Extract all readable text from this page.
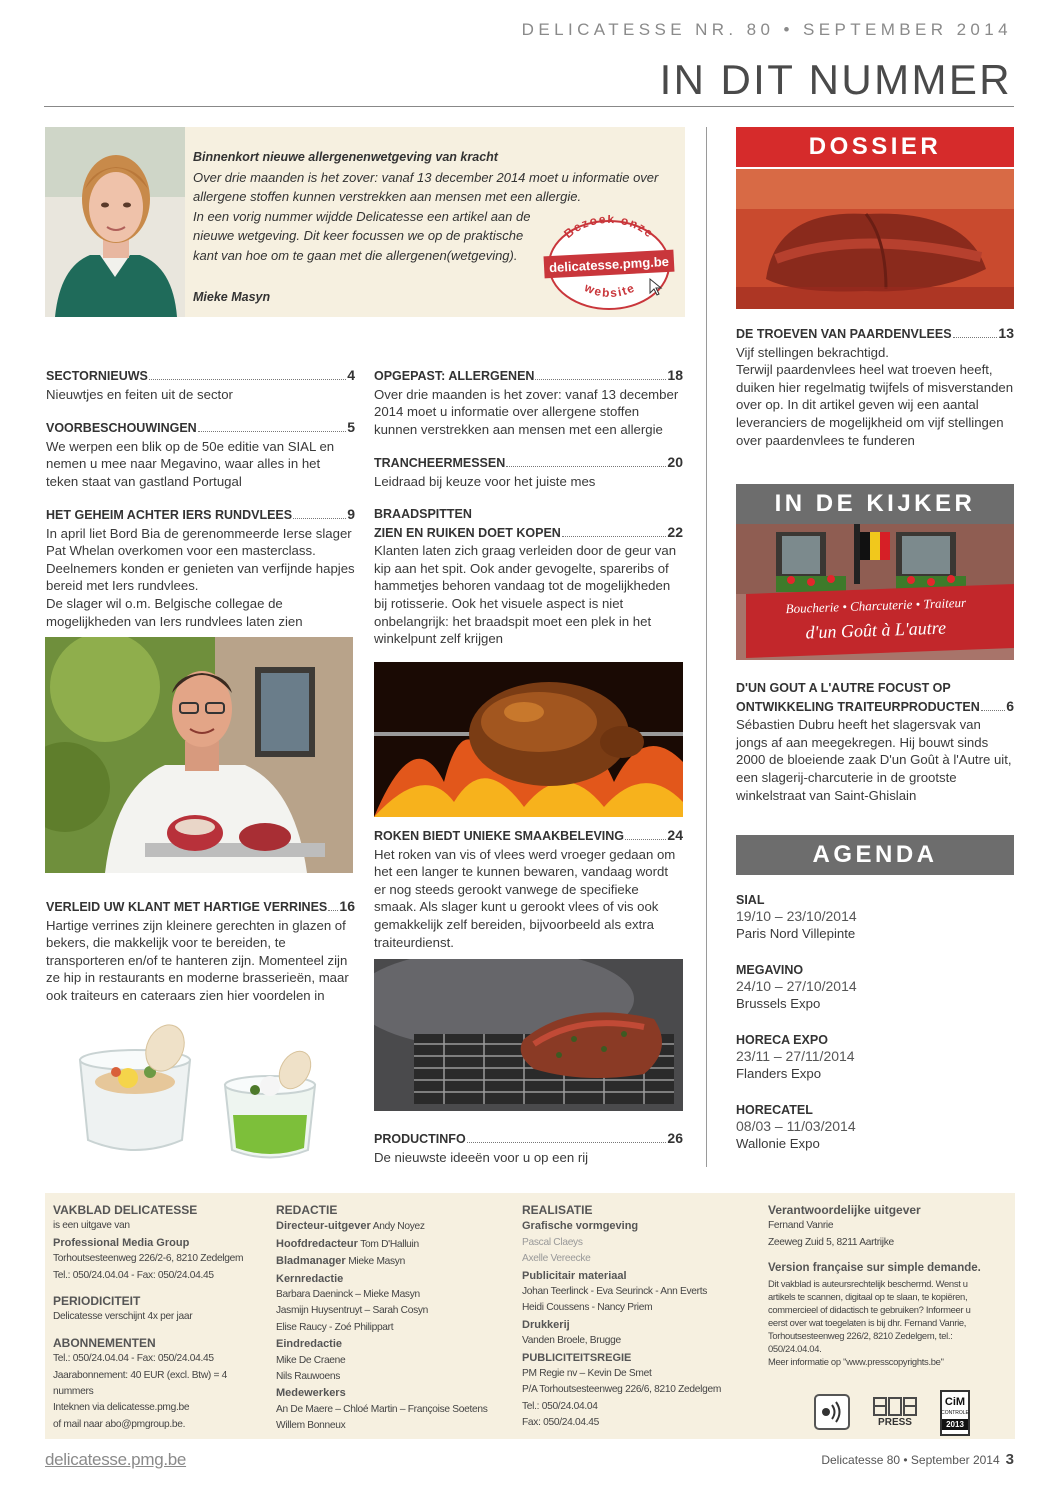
DELICATESSE NR. 80 • SEPTEMBER 2014
IN DIT NUMMER
Binnenkort nieuwe allergenenwetgeving van kracht
Over drie maanden is het zover: vanaf 13 december 2014 moet u informatie over allergene stoffen kunnen verstrekken aan mensen met een allergie.
In een vorig nummer wijdde Delicatesse een artikel aan de nieuwe wetgeving. Dit keer focussen we op de praktische kant van hoe om te gaan met die allergenen(wetgeving).
Mieke Masyn
Bezoek onze
delicatesse.pmg.be
website
SECTORNIEUWS	4
Nieuwtjes en feiten uit de sector
VOORBESCHOUWINGEN	5
We werpen een blik op de 50e editie van SIAL en nemen u mee naar Megavino, waar alles in het teken staat van gastland Portugal
HET GEHEIM ACHTER IERS RUNDVLEES	9
In april liet Bord Bia de gerenommeerde Ierse slager Pat Whelan overkomen voor een masterclass. Deelnemers konden er genieten van verfijnde hapjes bereid met Iers rundvlees.
De slager wil o.m. Belgische collegae de mogelijkheden van Iers rundvlees laten zien
VERLEID UW KLANT MET HARTIGE VERRINES 16
Hartige verrines zijn kleinere gerechten in glazen of bekers, die makkelijk voor te bereiden, te transporteren en/of te hanteren zijn. Momenteel zijn ze hip in restaurants en moderne brasserieën, maar ook traiteurs en cateraars zien hier voordelen in
OPGEPAST: ALLERGENEN	18
Over drie maanden is het zover: vanaf 13 december 2014 moet u informatie over allergene stoffen kunnen verstrekken aan mensen met een allergie
TRANCHEERMESSEN	20
Leidraad bij keuze voor het juiste mes
BRAADSPITTEN
ZIEN EN RUIKEN DOET KOPEN	22
Klanten laten zich graag verleiden door de geur van kip aan het spit. Ook ander gevogelte, spareribs of hammetjes behoren vandaag tot de mogelijkheden bij rotisserie. Ook het visuele aspect is niet onbelangrijk: het braadspit moet een plek in het winkelpunt zelf krijgen
ROKEN BIEDT UNIEKE SMAAKBELEVING	24
Het roken van vis of vlees werd vroeger gedaan om het een langer te kunnen bewaren, vandaag wordt er nog steeds gerookt vanwege de specifieke smaak. Als slager kunt u gerookt vlees of vis ook gemakkelijk zelf bereiden, bijvoorbeeld als extra traiteurdienst.
PRODUCTINFO	26
De nieuwste ideeën voor u op een rij
DOSSIER
DE TROEVEN VAN PAARDENVLEES	13
Vijf stellingen bekrachtigd.
Terwijl paardenvlees heel wat troeven heeft, duiken hier regelmatig twijfels of misverstanden over op. In dit artikel geven wij een aantal leveranciers de mogelijkheid om vijf stellingen over paardenvlees te funderen
IN DE KIJKER
Boucherie • Charcuterie • Traiteur
d'un Goût à L'autre
D'UN GOUT A L'AUTRE FOCUST OP
ONTWIKKELING TRAITEURPRODUCTEN 6
Sébastien Dubru heeft het slagersvak van jongs af aan meegekregen. Hij bouwt sinds 2000 de bloeiende zaak D'un Goût à l'Autre uit, een slagerij-charcuterie in de grootste winkelstraat van Saint-Ghislain
AGENDA
SIAL
19/10 – 23/10/2014
Paris Nord Villepinte
MEGAVINO
24/10 – 27/10/2014
Brussels Expo
HORECA EXPO
23/11 – 27/11/2014
Flanders Expo
HORECATEL
08/03 – 11/03/2014
Wallonie Expo
VAKBLAD DELICATESSE
is een uitgave van
Professional Media Group
Torhoutsesteenweg 226/2-6, 8210 Zedelgem
Tel.: 050/24.04.04 - Fax: 050/24.04.45
PERIODICITEIT
Delicatesse verschijnt 4x per jaar
ABONNEMENTEN
Tel.: 050/24.04.04 - Fax: 050/24.04.45
Jaarabonnement: 40 EUR (excl. Btw) = 4 nummers
Inteknen via delicatesse.pmg.be
of mail naar abo@pmgroup.be.
REDACTIE
Directeur-uitgever Andy Noyez
Hoofdredacteur Tom D'Halluin
Bladmanager Mieke Masyn
Kernredactie
Barbara Daeninck – Mieke Masyn
Jasmijn Huysentruyt – Sarah Cosyn
Elise Raucy - Zoé Philippart
Eindredactie
Mike De Craene
Nils Rauwoens
Medewerkers
An De Maere – Chloé Martin – Françoise Soetens
Willem Bonneux
REALISATIE
Grafische vormgeving
Pascal Claeys
Axelle Vereecke
Publicitair materiaal
Johan Teerlinck - Eva Seurinck - Ann Everts
Heidi Coussens - Nancy Priem
Drukkerij
Vanden Broele, Brugge
PUBLICITEITSREGIE
PM Regie nv – Kevin De Smet
P/A Torhoutsesteenweg 226/6, 8210 Zedelgem
Tel.: 050/24.04.04
Fax: 050/24.04.45
Verantwoordelijke uitgever
Fernand Vanrie
Zeeweg Zuid 5, 8211 Aartrijke
Version française sur simple demande.
Dit vakblad is auteursrechtelijk beschermd. Wenst u artikels te scannen, digitaal op te slaan, te kopiëren, commercieel of didactisch te gebruiken? Informeer u eerst over wat toegelaten is bij dhr. Fernand Vanrie, Torhoutsesteenweg 226/2, 8210 Zedelgem, tel.: 050/24.04.04.
Meer informatie op "www.presscopyrights.be"
PRESS
CiM
CONTROLE
2013
delicatesse.pmg.be	Delicatesse 80 • September 2014 3
